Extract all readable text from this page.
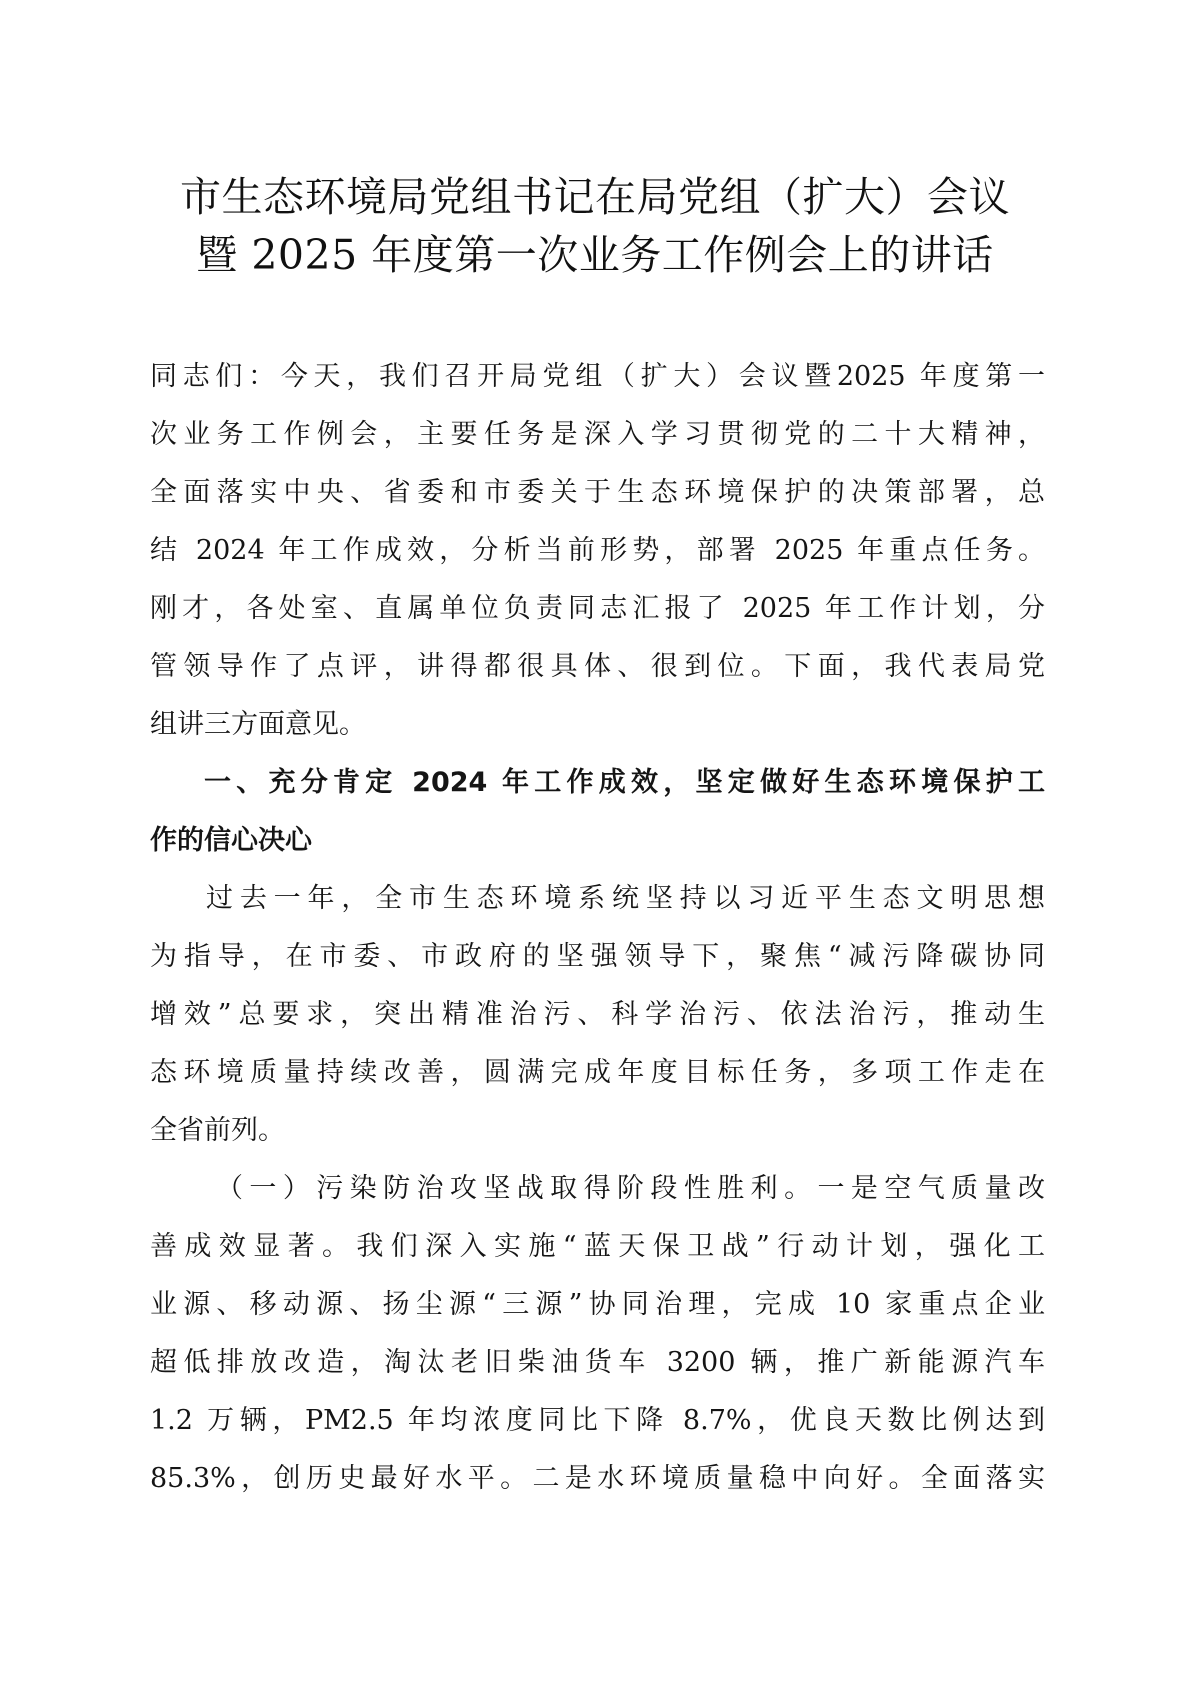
市生态环境局党组书记在局党组（扩大）会议
暨 2025 年度第一次业务工作例会上的讲话
同志们：今天，我们召开局党组（扩大）会议暨2025 年度第一
次业务工作例会，主要任务是深入学习贯彻党的二十大精神，
全面落实中央、省委和市委关于生态环境保护的决策部署，总
结 2024 年工作成效，分析当前形势，部署 2025 年重点任务。
刚才，各处室、直属单位负责同志汇报了 2025 年工作计划，分
管领导作了点评，讲得都很具体、很到位。下面，我代表局党
组讲三方面意见。
一、充分肯定 2024 年工作成效，坚定做好生态环境保护工
作的信心决心
过去一年，全市生态环境系统坚持以习近平生态文明思想
为指导，在市委、市政府的坚强领导下，聚焦“减污降碳协同
增效”总要求，突出精准治污、科学治污、依法治污，推动生
态环境质量持续改善，圆满完成年度目标任务，多项工作走在
全省前列。
（一）污染防治攻坚战取得阶段性胜利。一是空气质量改
善成效显著。我们深入实施“蓝天保卫战”行动计划，强化工
业源、移动源、扬尘源“三源”协同治理，完成 10 家重点企业
超低排放改造，淘汰老旧柴油货车 3200 辆，推广新能源汽车
1.2 万辆，PM2.5 年均浓度同比下降 8.7%，优良天数比例达到
85.3%，创历史最好水平。二是水环境质量稳中向好。全面落实
